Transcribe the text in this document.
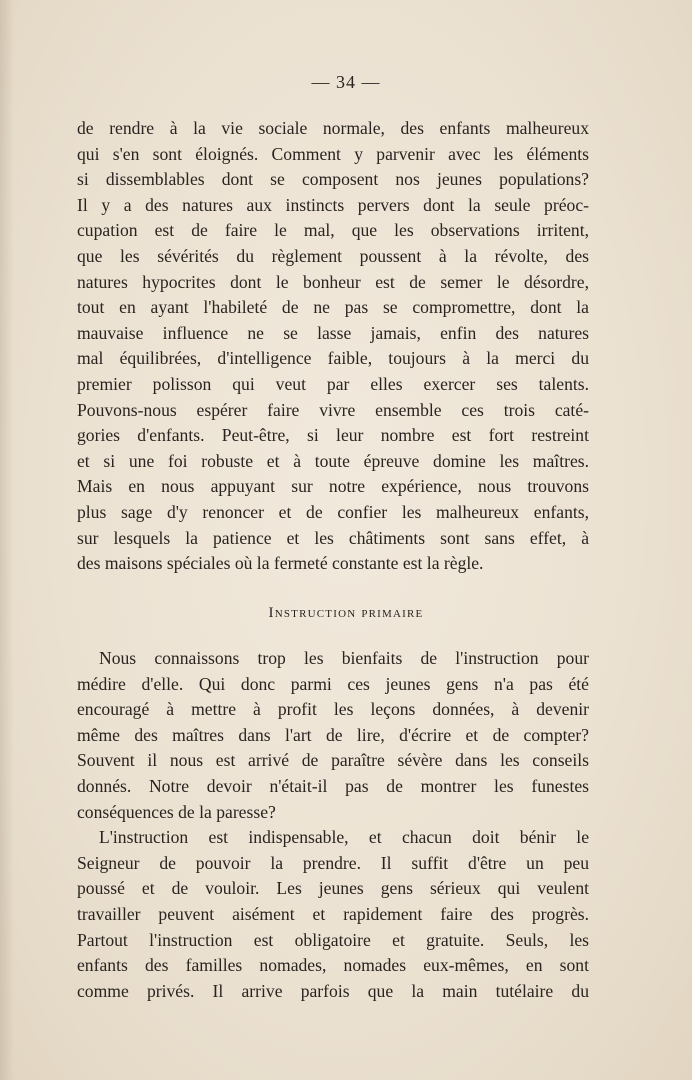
— 34 —
de rendre à la vie sociale normale, des enfants malheureux
qui s'en sont éloignés. Comment y parvenir avec les éléments
si dissemblables dont se composent nos jeunes populations?
Il y a des natures aux instincts pervers dont la seule préoc-
cupation est de faire le mal, que les observations irritent,
que les sévérités du règlement poussent à la révolte, des
natures hypocrites dont le bonheur est de semer le désordre,
tout en ayant l'habileté de ne pas se compromettre, dont la
mauvaise influence ne se lasse jamais, enfin des natures
mal équilibrées, d'intelligence faible, toujours à la merci du
premier polisson qui veut par elles exercer ses talents.
Pouvons-nous espérer faire vivre ensemble ces trois caté-
gories d'enfants. Peut-être, si leur nombre est fort restreint
et si une foi robuste et à toute épreuve domine les maîtres.
Mais en nous appuyant sur notre expérience, nous trouvons
plus sage d'y renoncer et de confier les malheureux enfants,
sur lesquels la patience et les châtiments sont sans effet, à
des maisons spéciales où la fermeté constante est la règle.
Instruction primaire
Nous connaissons trop les bienfaits de l'instruction pour
médire d'elle. Qui donc parmi ces jeunes gens n'a pas été
encouragé à mettre à profit les leçons données, à devenir
même des maîtres dans l'art de lire, d'écrire et de compter?
Souvent il nous est arrivé de paraître sévère dans les conseils
donnés. Notre devoir n'était-il pas de montrer les funestes
conséquences de la paresse?
L'instruction est indispensable, et chacun doit bénir le
Seigneur de pouvoir la prendre. Il suffit d'être un peu
poussé et de vouloir. Les jeunes gens sérieux qui veulent
travailler peuvent aisément et rapidement faire des progrès.
Partout l'instruction est obligatoire et gratuite. Seuls, les
enfants des familles nomades, nomades eux-mêmes, en sont
comme privés. Il arrive parfois que la main tutélaire du
